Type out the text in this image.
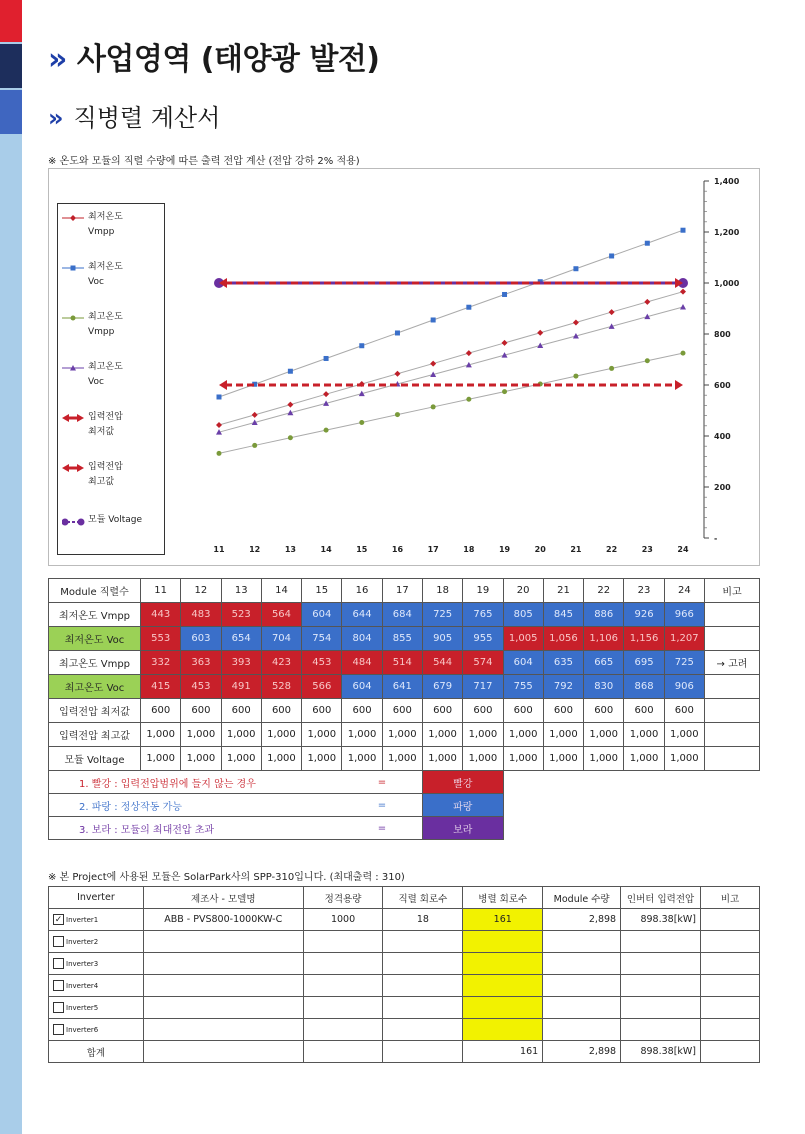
» 사업영역 (태양광 발전)
» 직병렬 계산서
※ 온도와 모듈의 직렬 수량에 따른 출력 전압 계산 (전압 강하 2% 적용)
-
200
400
600
800
1,000
1,200
1,400
11	12	13	14	15	16	17	18	19	20	21	22	23	24
최저온도
Vmpp
최저온도
Voc
최고온도
Vmpp
최고온도
Voc
입력전압
최저값
입력전압
최고값
모듈 Voltage
Module 직렬수	11	12	13	14	15	16	17	18	19	20	21	22	23	24	비고
최저온도 Vmpp	443	483	523	564	604	644	684	725	765	805	845	886	926	966	
최저온도 Voc	553	603	654	704	754	804	855	905	955	1,005	1,056	1,106	1,156	1,207	
최고온도 Vmpp	332	363	393	423	453	484	514	544	574	604	635	665	695	725	→ 고려
최고온도 Voc	415	453	491	528	566	604	641	679	717	755	792	830	868	906	
입력전압 최저값	600	600	600	600	600	600	600	600	600	600	600	600	600	600	
입력전압 최고값	1,000	1,000	1,000	1,000	1,000	1,000	1,000	1,000	1,000	1,000	1,000	1,000	1,000	1,000	
모듈 Voltage	1,000	1,000	1,000	1,000	1,000	1,000	1,000	1,000	1,000	1,000	1,000	1,000	1,000	1,000	
1. 빨강 : 입력전압범위에 들지 않는 경우						=		빨강							
2. 파랑 : 정상작동 가능						=		파랑							
3. 보라 : 모듈의 최대전압 초과						=		보라							
※ 본 Project에 사용된 모듈은 SolarPark사의 SPP-310입니다. (최대출력 : 310)
Inverter	제조사 - 모델명	정격용량	직렬 회로수	병렬 회로수	Module 수량	인버터 입력전압	비고
✓ Inverter1	ABB - PVS800-1000KW-C	1000	18	161	2,898	898.38[kW]	
Inverter2							
Inverter3							
Inverter4							
Inverter5							
Inverter6							
합계				161	2,898	898.38[kW]	
